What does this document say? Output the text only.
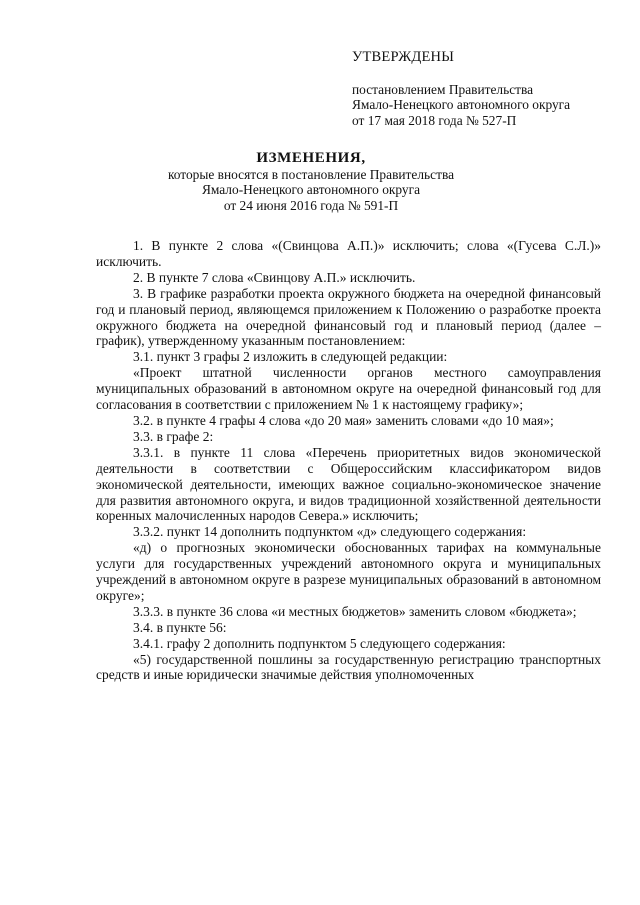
УТВЕРЖДЕНЫ
постановлением Правительства
Ямало-Ненецкого автономного округа
от 17 мая 2018 года № 527-П
ИЗМЕНЕНИЯ,
которые вносятся в постановление Правительства
Ямало-Ненецкого автономного округа
от 24 июня 2016 года № 591-П

1. В пункте 2 слова «(Свинцова А.П.)» исключить; слова «(Гусева С.Л.)» исключить.

2. В пункте 7 слова «Свинцову А.П.» исключить.

3. В графике разработки проекта окружного бюджета на очередной финансовый год и плановый период, являющемся приложением к Положению о разработке проекта окружного бюджета на очередной финансовый год и плановый период (далее – график), утвержденному указанным постановлением:

3.1. пункт 3 графы 2 изложить в следующей редакции:

«Проект штатной численности органов местного самоуправления муниципальных образований в автономном округе на очередной финансовый год для согласования в соответствии с приложением № 1 к настоящему графику»;

3.2. в пункте 4 графы 4 слова «до 20 мая» заменить словами «до 10 мая»;

3.3. в графе 2:

3.3.1. в пункте 11 слова «Перечень приоритетных видов экономической деятельности в соответствии с Общероссийским классификатором видов экономической деятельности, имеющих важное социально-экономическое значение для развития автономного округа, и видов традиционной хозяйственной деятельности коренных малочисленных народов Севера.» исключить;

3.3.2. пункт 14 дополнить подпунктом «д» следующего содержания:

«д) о прогнозных экономически обоснованных тарифах на коммунальные услуги для государственных учреждений автономного округа и муниципальных учреждений в автономном округе в разрезе муниципальных образований в автономном округе»;

3.3.3. в пункте 36 слова «и местных бюджетов» заменить словом «бюджета»;

3.4. в пункте 56:

3.4.1. графу 2 дополнить подпунктом 5 следующего содержания:

«5) государственной пошлины за государственную регистрацию транспортных средств и иные юридически значимые действия уполномоченных
